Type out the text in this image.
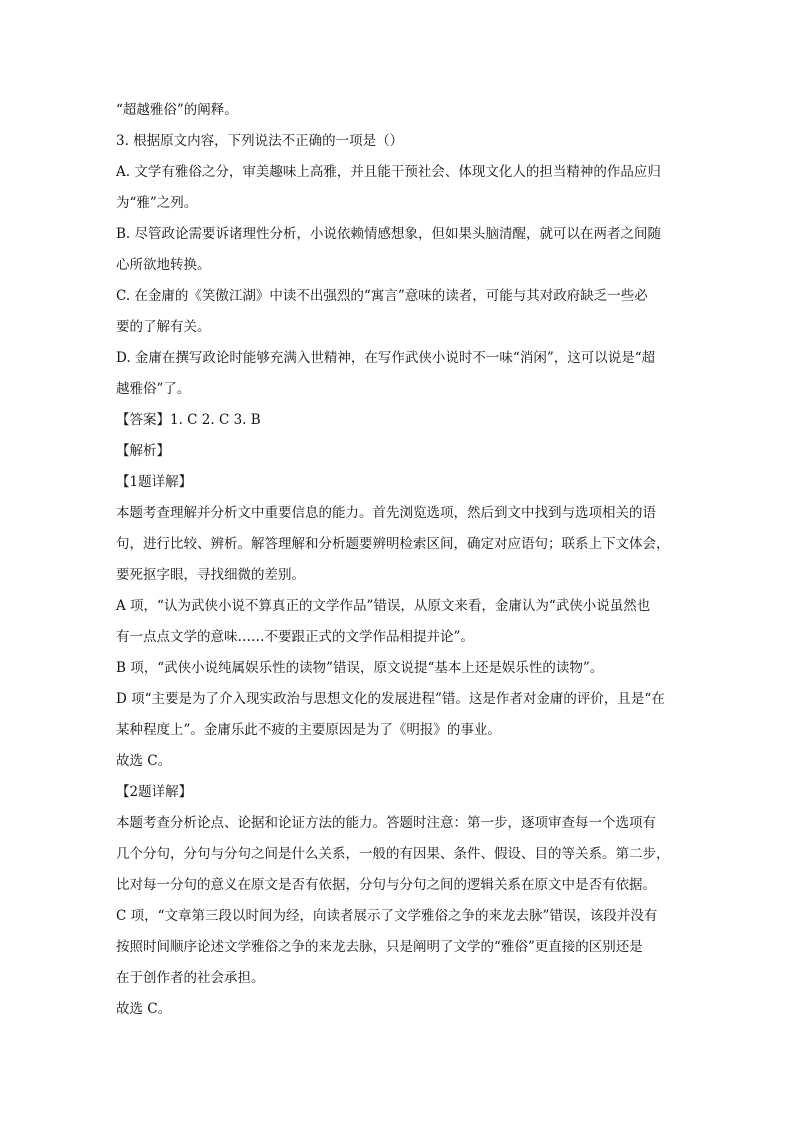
“超越雅俗”的阐释。

3. 根据原文内容，下列说法不正确的一项是（）

A. 文学有雅俗之分，审美趣味上高雅，并且能干预社会、体现文化人的担当精神的作品应归

为“雅”之列。

B. 尽管政论需要诉诸理性分析，小说依赖情感想象，但如果头脑清醒，就可以在两者之间随

心所欲地转换。

C. 在金庸的《笑傲江湖》中读不出强烈的“寓言”意味的读者，可能与其对政府缺乏一些必

要的了解有关。

D. 金庸在撰写政论时能够充满入世精神，在写作武侠小说时不一味“消闲”，这可以说是“超

越雅俗”了。

【答案】1. C 2. C 3. B

【解析】

【1题详解】

本题考查理解并分析文中重要信息的能力。首先浏览选项，然后到文中找到与选项相关的语

句，进行比较、辨析。解答理解和分析题要辨明检索区间，确定对应语句；联系上下文体会，

要死抠字眼，寻找细微的差别。

A 项，“认为武侠小说不算真正的文学作品”错误，从原文来看，金庸认为“武侠小说虽然也

有一点点文学的意味……不要跟正式的文学作品相提并论”。

B 项，“武侠小说纯属娱乐性的读物”错误，原文说提“基本上还是娱乐性的读物”。

D 项“主要是为了介入现实政治与思想文化的发展进程”错。这是作者对金庸的评价，且是“在

某种程度上”。金庸乐此不疲的主要原因是为了《明报》的事业。

故选 C。

【2题详解】

本题考查分析论点、论据和论证方法的能力。答题时注意：第一步，逐项审查每一个选项有

几个分句，分句与分句之间是什么关系，一般的有因果、条件、假设、目的等关系。第二步，

比对每一分句的意义在原文是否有依据，分句与分句之间的逻辑关系在原文中是否有依据。

C 项，“文章第三段以时间为经，向读者展示了文学雅俗之争的来龙去脉”错误，该段并没有

按照时间顺序论述文学雅俗之争的来龙去脉，只是阐明了文学的“雅俗”更直接的区别还是

在于创作者的社会承担。

故选 C。
